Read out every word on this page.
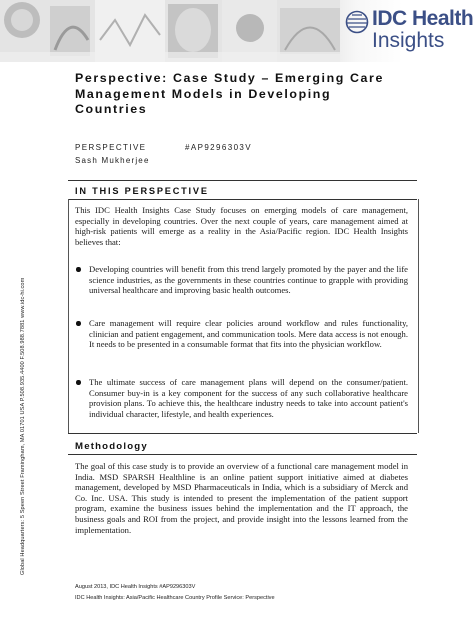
IDC Health
Insights
Global Headquarters: 5 Speen Street Framingham, MA 01701 USA P.508.935.4400 F.508.988.7881 www.idc-hi.com
Perspective: Case Study – Emerging Care Management Models in Developing Countries
PERSPECTIVE	#AP9296303V
Sash Mukherjee
IN THIS PERSPECTIVE
This IDC Health Insights Case Study focuses on emerging models of care management, especially in developing countries. Over the next couple of years, care management aimed at high-risk patients will emerge as a reality in the Asia/Pacific region. IDC Health Insights believes that:
Developing countries will benefit from this trend largely promoted by the payer and the life science industries, as the governments in these countries continue to grapple with providing universal healthcare and improving basic health outcomes.
Care management will require clear policies around workflow and rules functionality, clinician and patient engagement, and communication tools. Mere data access is not enough. It needs to be presented in a consumable format that fits into the physician workflow.
The ultimate success of care management plans will depend on the consumer/patient. Consumer buy-in is a key component for the success of any such collaborative healthcare provision plans. To achieve this, the healthcare industry needs to take into account patient's individual character, lifestyle, and health experiences.
Methodology
The goal of this case study is to provide an overview of a functional care management model in India. MSD SPARSH Healthline is an online patient support initiative aimed at diabetes management, developed by MSD Pharmaceuticals in India, which is a subsidiary of Merck and Co. Inc. USA. This study is intended to present the implementation of the patient support program, examine the business issues behind the implementation and the IT approach, the business goals and ROI from the project, and provide insight into the lessons learned from the implementation.
August 2013, IDC Health Insights #AP9296303V
IDC Health Insights: Asia/Pacific Healthcare Country Profile Service: Perspective
